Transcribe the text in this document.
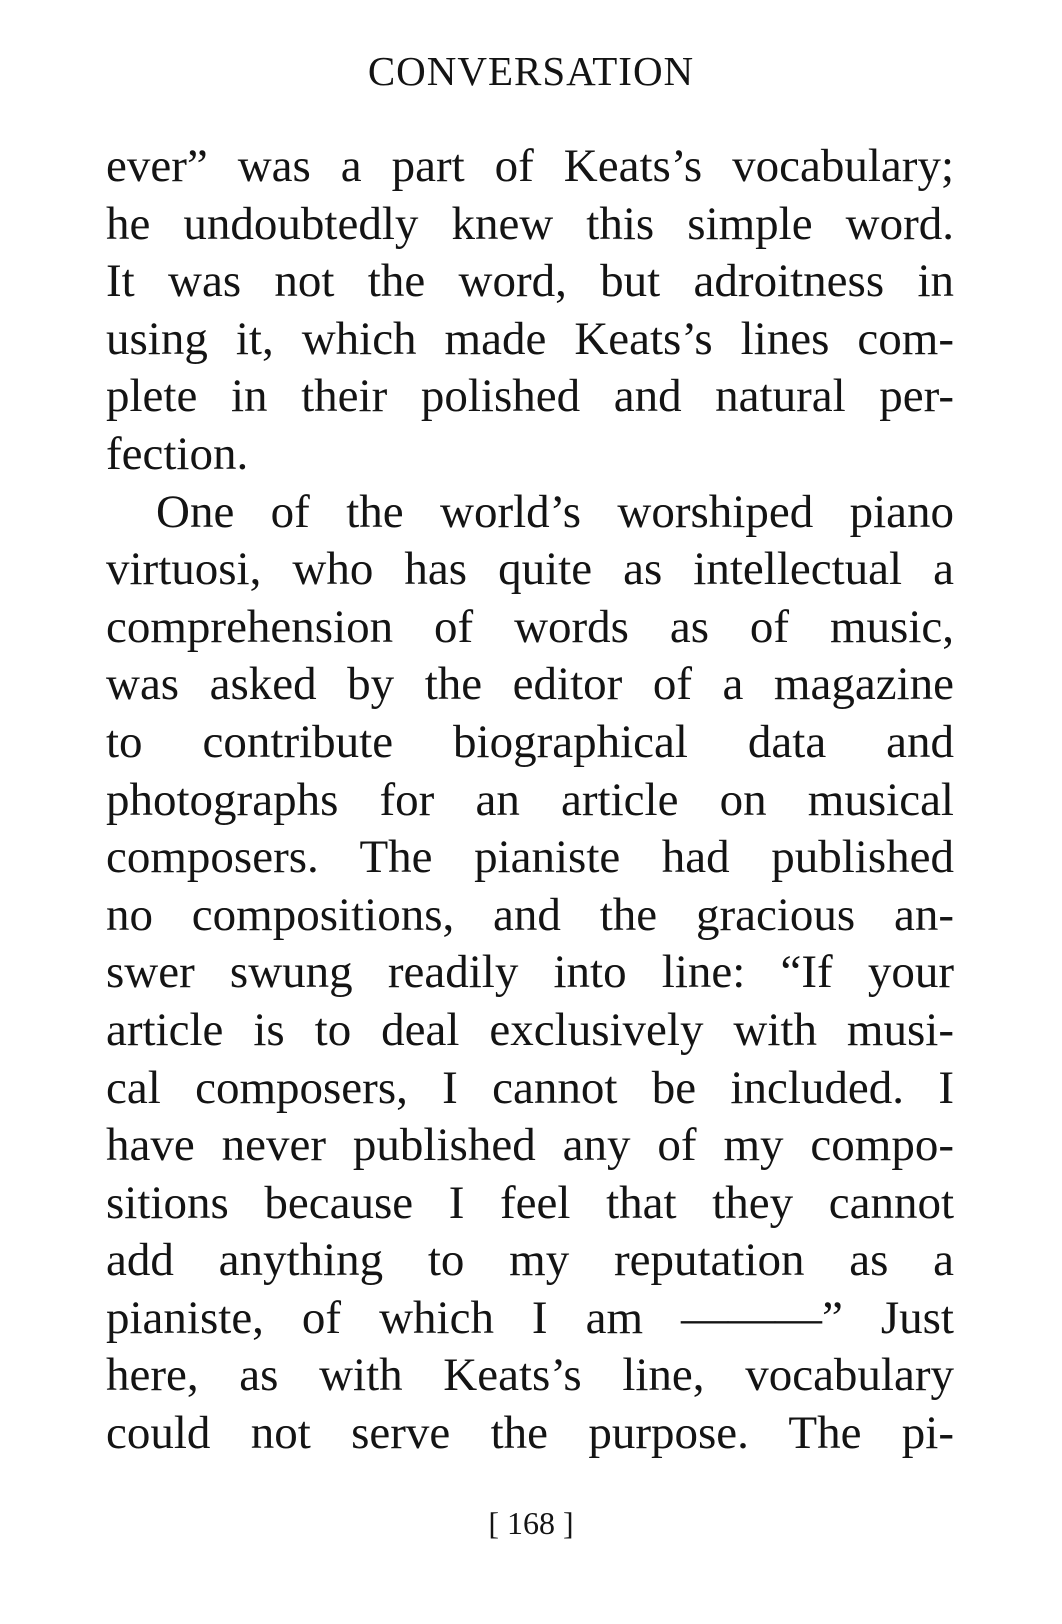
CONVERSATION
ever” was a part of Keats’s vocabulary;
he undoubtedly knew this simple word.
It was not the word, but adroitness in
using it, which made Keats’s lines com-
plete in their polished and natural per-
fection.
One of the world’s worshiped piano
virtuosi, who has quite as intellectual a
comprehension of words as of music,
was asked by the editor of a magazine
to contribute biographical data and
photographs for an article on musical
composers. The pianiste had published
no compositions, and the gracious an-
swer swung readily into line: “If your
article is to deal exclusively with musi-
cal composers, I cannot be included. I
have never published any of my compo-
sitions because I feel that they cannot
add anything to my reputation as a
pianiste, of which I am ———” Just
here, as with Keats’s line, vocabulary
could not serve the purpose. The pi-
[ 168 ]
